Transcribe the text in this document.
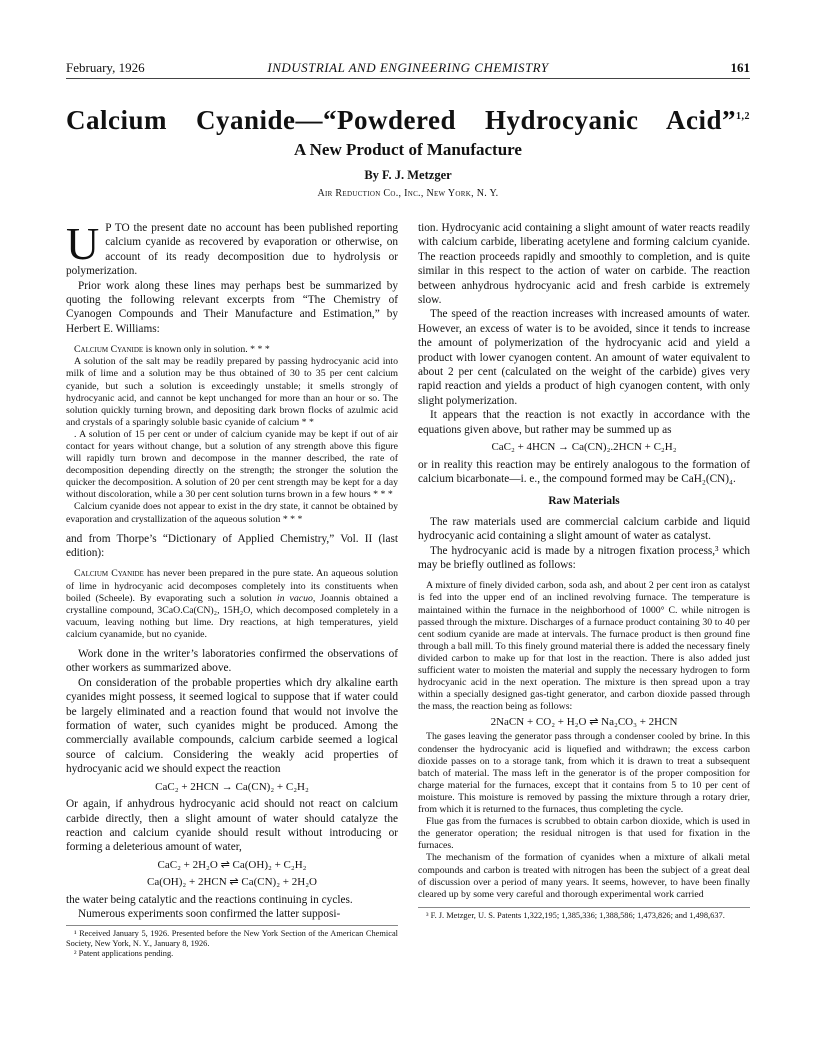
February, 1926	INDUSTRIAL AND ENGINEERING CHEMISTRY	161
Calcium Cyanide—“Powdered Hydrocyanic Acid”$^{1,2}$
A New Product of Manufacture
By F. J. Metzger
Air Reduction Co., Inc., New York, N. Y.

U P TO the present date no account has been published reporting calcium cyanide as recovered by evaporation or otherwise, on account of its ready decomposition due to hydrolysis or polymerization.

Prior work along these lines may perhaps best be summarized by quoting the following relevant excerpts from “The Chemistry of Cyanogen Compounds and Their Manufacture and Estimation,” by Herbert E. Williams:

Calcium Cyanide is known only in solution. * * *

A solution of the salt may be readily prepared by passing hydrocyanic acid into milk of lime and a solution may be thus obtained of 30 to 35 per cent calcium cyanide, but such a solution is exceedingly unstable; it smells strongly of hydrocyanic acid, and cannot be kept unchanged for more than an hour or so. The solution quickly turning brown, and depositing dark brown flocks of azulmic acid and crystals of a sparingly soluble basic cyanide of calcium * *

. A solution of 15 per cent or under of calcium cyanide may be kept if out of air contact for years without change, but a solution of any strength above this figure will rapidly turn brown and decompose in the manner described, the rate of decomposition depending directly on the strength; the stronger the solution the quicker the decomposition. A solution of 20 per cent strength may be kept for a day without discoloration, while a 30 per cent solution turns brown in a few hours * * *

Calcium cyanide does not appear to exist in the dry state, it cannot be obtained by evaporation and crystallization of the aqueous solution * * *

and from Thorpe’s “Dictionary of Applied Chemistry,” Vol. II (last edition):

Calcium Cyanide has never been prepared in the pure state. An aqueous solution of lime in hydrocyanic acid decomposes completely into its constituents when boiled (Scheele). By evaporating such a solution in vacuo, Joannis obtained a crystalline compound, 3CaO.Ca(CN)₂, 15H₂O, which decomposed completely in a vacuum, leaving nothing but lime. Dry reactions, at high temperatures, yield calcium cyanamide, but no cyanide.

Work done in the writer’s laboratories confirmed the observations of other workers as summarized above.

On consideration of the probable properties which dry alkaline earth cyanides might possess, it seemed logical to suppose that if water could be largely eliminated and a reaction found that would not involve the formation of water, such cyanides might be produced. Among the commercially available compounds, calcium carbide seemed a logical source of calcium. Considering the weakly acid properties of hydrocyanic acid we should expect the reaction

CaC₂ + 2HCN → Ca(CN)₂ + C₂H₂

Or again, if anhydrous hydrocyanic acid should not react on calcium carbide directly, then a slight amount of water should catalyze the reaction and calcium cyanide should result without introducing or forming a deleterious amount of water,

CaC₂ + 2H₂O ⇌ Ca(OH)₂ + C₂H₂
Ca(OH)₂ + 2HCN ⇌ Ca(CN)₂ + 2H₂O

the water being catalytic and the reactions continuing in cycles.

Numerous experiments soon confirmed the latter supposi-

¹ Received January 5, 1926. Presented before the New York Section of the American Chemical Society, New York, N. Y., January 8, 1926.

² Patent applications pending.

tion. Hydrocyanic acid containing a slight amount of water reacts readily with calcium carbide, liberating acetylene and forming calcium cyanide. The reaction proceeds rapidly and smoothly to completion, and is quite similar in this respect to the action of water on carbide. The reaction between anhydrous hydrocyanic acid and fresh carbide is extremely slow.

The speed of the reaction increases with increased amounts of water. However, an excess of water is to be avoided, since it tends to increase the amount of polymerization of the hydrocyanic acid and yield a product with lower cyanogen content. An amount of water equivalent to about 2 per cent (calculated on the weight of the carbide) gives very rapid reaction and yields a product of high cyanogen content, with only slight polymerization.

It appears that the reaction is not exactly in accordance with the equations given above, but rather may be summed up as

CaC₂ + 4HCN → Ca(CN)₂.2HCN + C₂H₂

or in reality this reaction may be entirely analogous to the formation of calcium bicarbonate—i. e., the compound formed may be CaH₂(CN)₄.

Raw Materials

The raw materials used are commercial calcium carbide and liquid hydrocyanic acid containing a slight amount of water as catalyst.

The hydrocyanic acid is made by a nitrogen fixation process,³ which may be briefly outlined as follows:

A mixture of finely divided carbon, soda ash, and about 2 per cent iron as catalyst is fed into the upper end of an inclined revolving furnace. The temperature is maintained within the furnace in the neighborhood of 1000° C. while nitrogen is passed through the mixture. Discharges of a furnace product containing 30 to 40 per cent sodium cyanide are made at intervals. The furnace product is then ground fine through a ball mill. To this finely ground material there is added the necessary finely divided carbon to make up for that lost in the reaction. There is also added just sufficient water to moisten the material and supply the necessary hydrogen to form hydrocyanic acid in the next operation. The mixture is then spread upon a tray within a specially designed gas-tight generator, and carbon dioxide passed through the mass, the reaction being as follows:

2NaCN + CO₂ + H₂O ⇌ Na₂CO₃ + 2HCN

The gases leaving the generator pass through a condenser cooled by brine. In this condenser the hydrocyanic acid is liquefied and withdrawn; the excess carbon dioxide passes on to a storage tank, from which it is drawn to treat a subsequent batch of material. The mass left in the generator is of the proper composition for charge material for the furnaces, except that it contains from 5 to 10 per cent of moisture. This moisture is removed by passing the mixture through a rotary drier, from which it is returned to the furnaces, thus completing the cycle.

Flue gas from the furnaces is scrubbed to obtain carbon dioxide, which is used in the generator operation; the residual nitrogen is that used for fixation in the furnaces.

The mechanism of the formation of cyanides when a mixture of alkali metal compounds and carbon is treated with nitrogen has been the subject of a great deal of discussion over a period of many years. It seems, however, to have been finally cleared up by some very careful and thorough experimental work carried

³ F. J. Metzger, U. S. Patents 1,322,195; 1,385,336; 1,388,586; 1,473,826; and 1,498,637.
